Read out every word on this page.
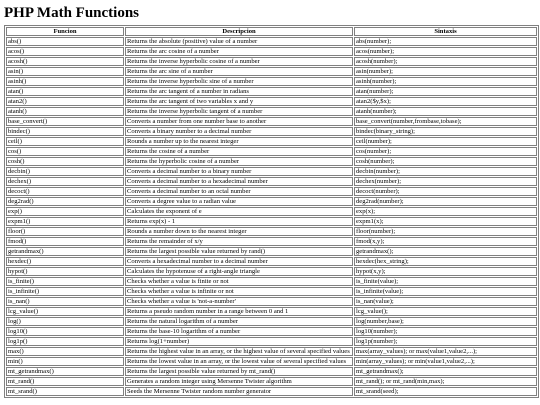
PHP Math Functions
Funcion	Descripcion	Sintaxis
abs()	Returns the absolute (positive) value of a number	abs(number);
acos()	Returns the arc cosine of a number	acos(number);
acosh()	Returns the inverse hyperbolic cosine of a number	acosh(number);
asin()	Returns the arc sine of a number	asin(number);
asinh()	Returns the inverse hyperbolic sine of a number	asinh(number);
atan()	Returns the arc tangent of a number in radians	atan(number);
atan2()	Returns the arc tangent of two variables x and y	atan2($y,$x);
atanh()	Returns the inverse hyperbolic tangent of a number	atanh(number);
base_convert()	Converts a number from one number base to another	base_convert(number,frombase,tobase);
bindec()	Converts a binary number to a decimal number	bindec(binary_string);
ceil()	Rounds a number up to the nearest integer	ceil(number);
cos()	Returns the cosine of a number	cos(number);
cosh()	Returns the hyperbolic cosine of a number	cosh(number);
decbin()	Converts a decimal number to a binary number	decbin(number);
dechex()	Converts a decimal number to a hexadecimal number	dechex(number);
decoct()	Converts a decimal number to an octal number	decoct(number);
deg2rad()	Converts a degree value to a radian value	deg2rad(number);
exp()	Calculates the exponent of e	exp(x);
expm1()	Returns exp(x) - 1	expm1(x);
floor()	Rounds a number down to the nearest integer	floor(number);
fmod()	Returns the remainder of x/y	fmod(x,y);
getrandmax()	Returns the largest possible value returned by rand()	getrandmax();
hexdec()	Converts a hexadecimal number to a decimal number	hexdec(hex_string);
hypot()	Calculates the hypotenuse of a right-angle triangle	hypot(x,y);
is_finite()	Checks whether a value is finite or not	is_finite(value);
is_infinite()	Checks whether a value is infinite or not	is_infinite(value);
is_nan()	Checks whether a value is 'not-a-number'	is_nan(value);
lcg_value()	Returns a pseudo random number in a range between 0 and 1	lcg_value();
log()	Returns the natural logarithm of a number	log(number,base);
log10()	Returns the base-10 logarithm of a number	log10(number);
log1p()	Returns log(1+number)	log1p(number);
max()	Returns the highest value in an array, or the highest value of several specified values	max(array_values); or max(value1,value2,...);
min()	Returns the lowest value in an array, or the lowest value of several specified values	min(array_values); or min(value1,value2,...);
mt_getrandmax()	Returns the largest possible value returned by mt_rand()	mt_getrandmax();
mt_rand()	Generates a random integer using Mersenne Twister algorithm	mt_rand(); or mt_rand(min,max);
mt_srand()	Seeds the Mersenne Twister random number generator	mt_srand(seed);
